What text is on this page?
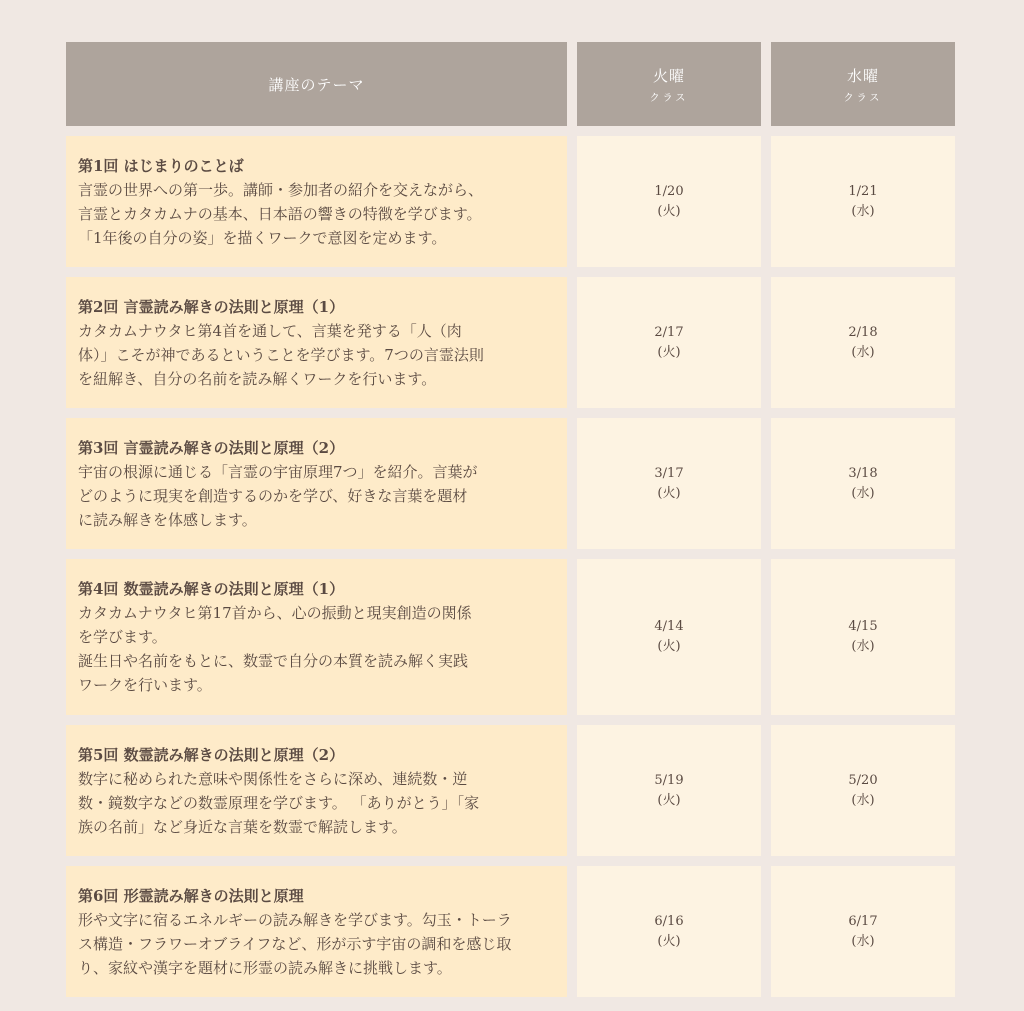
講座のテーマ	火曜
クラス
水曜
クラス
第1回 はじまりのことば
言霊の世界への第一歩。講師・参加者の紹介を交えながら、
言霊とカタカムナの基本、日本語の響きの特徴を学びます。
「1年後の自分の姿」を描くワークで意図を定めます。
1/20
(火)
1/21
(水)
第2回 言霊読み解きの法則と原理（1）
カタカムナウタヒ第4首を通して、言葉を発する「人（肉
体）」こそが神であるということを学びます。7つの言霊法則
を紐解き、自分の名前を読み解くワークを行います。
2/17
(火)
2/18
(水)
第3回 言霊読み解きの法則と原理（2）
宇宙の根源に通じる「言霊の宇宙原理7つ」を紹介。言葉が
どのように現実を創造するのかを学び、好きな言葉を題材
に読み解きを体感します。
3/17
(火)
3/18
(水)
第4回 数霊読み解きの法則と原理（1）
カタカムナウタヒ第17首から、心の振動と現実創造の関係
を学びます。
誕生日や名前をもとに、数霊で自分の本質を読み解く実践
ワークを行います。
4/14
(火)
4/15
(水)
第5回 数霊読み解きの法則と原理（2）
数字に秘められた意味や関係性をさらに深め、連続数・逆
数・鏡数字などの数霊原理を学びます。 「ありがとう」「家
族の名前」など身近な言葉を数霊で解読します。
5/19
(火)
5/20
(水)
第6回 形霊読み解きの法則と原理
形や文字に宿るエネルギーの読み解きを学びます。勾玉・トーラ
ス構造・フラワーオブライフなど、形が示す宇宙の調和を感じ取
り、家紋や漢字を題材に形霊の読み解きに挑戦します。
6/16
(火)
6/17
(水)
